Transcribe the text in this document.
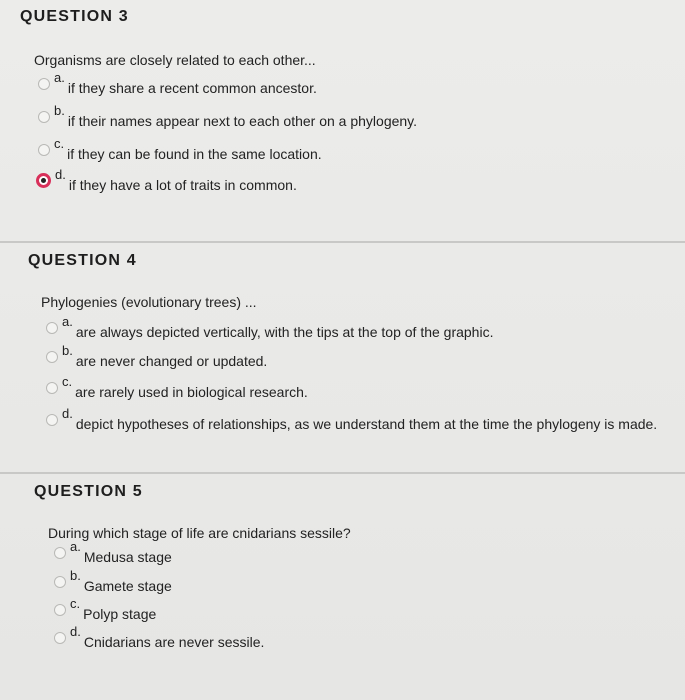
QUESTION 3
Organisms are closely related to each other...
a.
if they share a recent common ancestor.
b.
if their names appear next to each other on a phylogeny.
c.
if they can be found in the same location.
d.
if they have a lot of traits in common.
QUESTION 4
Phylogenies (evolutionary trees) ...
a.
are always depicted vertically, with the tips at the top of the graphic.
b.
are never changed or updated.
c.
are rarely used in biological research.
d.
depict hypotheses of relationships, as we understand them at the time the phylogeny is made.
QUESTION 5
During which stage of life are cnidarians sessile?
a.
Medusa stage
b.
Gamete stage
c.
Polyp stage
d.
Cnidarians are never sessile.
